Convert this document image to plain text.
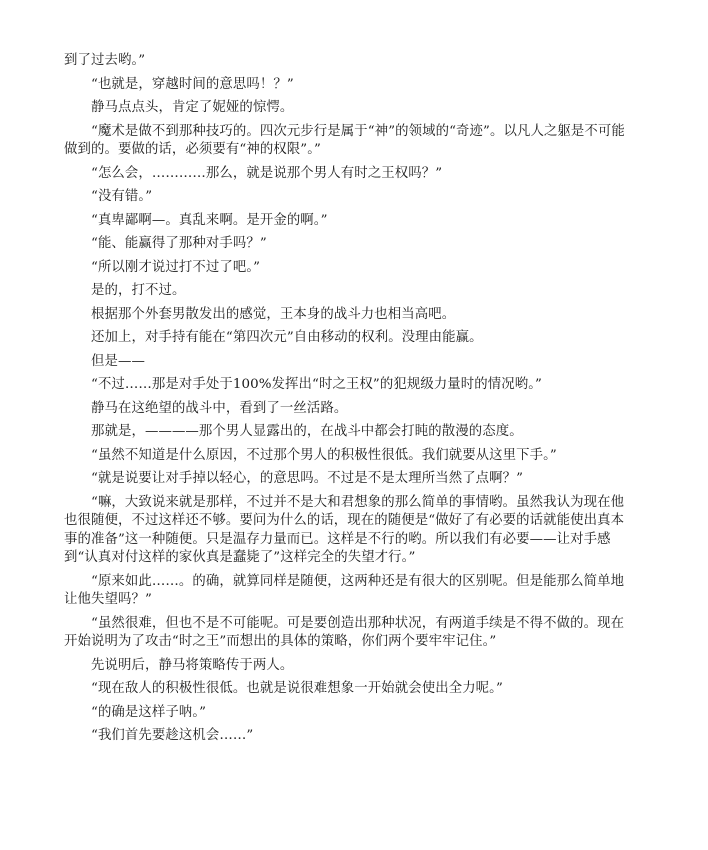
到了过去哟。”

“也就是，穿越时间的意思吗！？”

静马点点头，肯定了妮娅的惊愕。

“魔术是做不到那种技巧的。四次元步行是属于“神”的领域的“奇迹”。以凡人之躯是不可能做到的。要做的话，必须要有“神的权限”。”

“怎么会，…………那么，就是说那个男人有时之王权吗？”

“没有错。”

“真卑鄙啊—。真乱来啊。是开金的啊。”

“能、能赢得了那种对手吗？”

“所以刚才说过打不过了吧。”

是的，打不过。

根据那个外套男散发出的感觉，王本身的战斗力也相当高吧。

还加上，对手持有能在“第四次元”自由移动的权利。没理由能赢。

但是——

“不过……那是对手处于100%发挥出“时之王权”的犯规级力量时的情况哟。”

静马在这绝望的战斗中，看到了一丝活路。

那就是，————那个男人显露出的，在战斗中都会打盹的散漫的态度。

“虽然不知道是什么原因，不过那个男人的积极性很低。我们就要从这里下手。”

“就是说要让对手掉以轻心，的意思吗。不过是不是太理所当然了点啊？”

“嘛，大致说来就是那样，不过并不是大和君想象的那么简单的事情哟。虽然我认为现在他也很随便，不过这样还不够。要问为什么的话，现在的随便是“做好了有必要的话就能使出真本事的准备”这一种随便。只是温存力量而已。这样是不行的哟。所以我们有必要——让对手感到“认真对付这样的家伙真是蠢毙了”这样完全的失望才行。”

“原来如此……。的确，就算同样是随便，这两种还是有很大的区别呢。但是能那么简单地让他失望吗？”

“虽然很难，但也不是不可能呢。可是要创造出那种状况，有两道手续是不得不做的。现在开始说明为了攻击“时之王”而想出的具体的策略，你们两个要牢牢记住。”

先说明后，静马将策略传于两人。

“现在敌人的积极性很低。也就是说很难想象一开始就会使出全力呢。”

“的确是这样子呐。”

“我们首先要趁这机会……”
